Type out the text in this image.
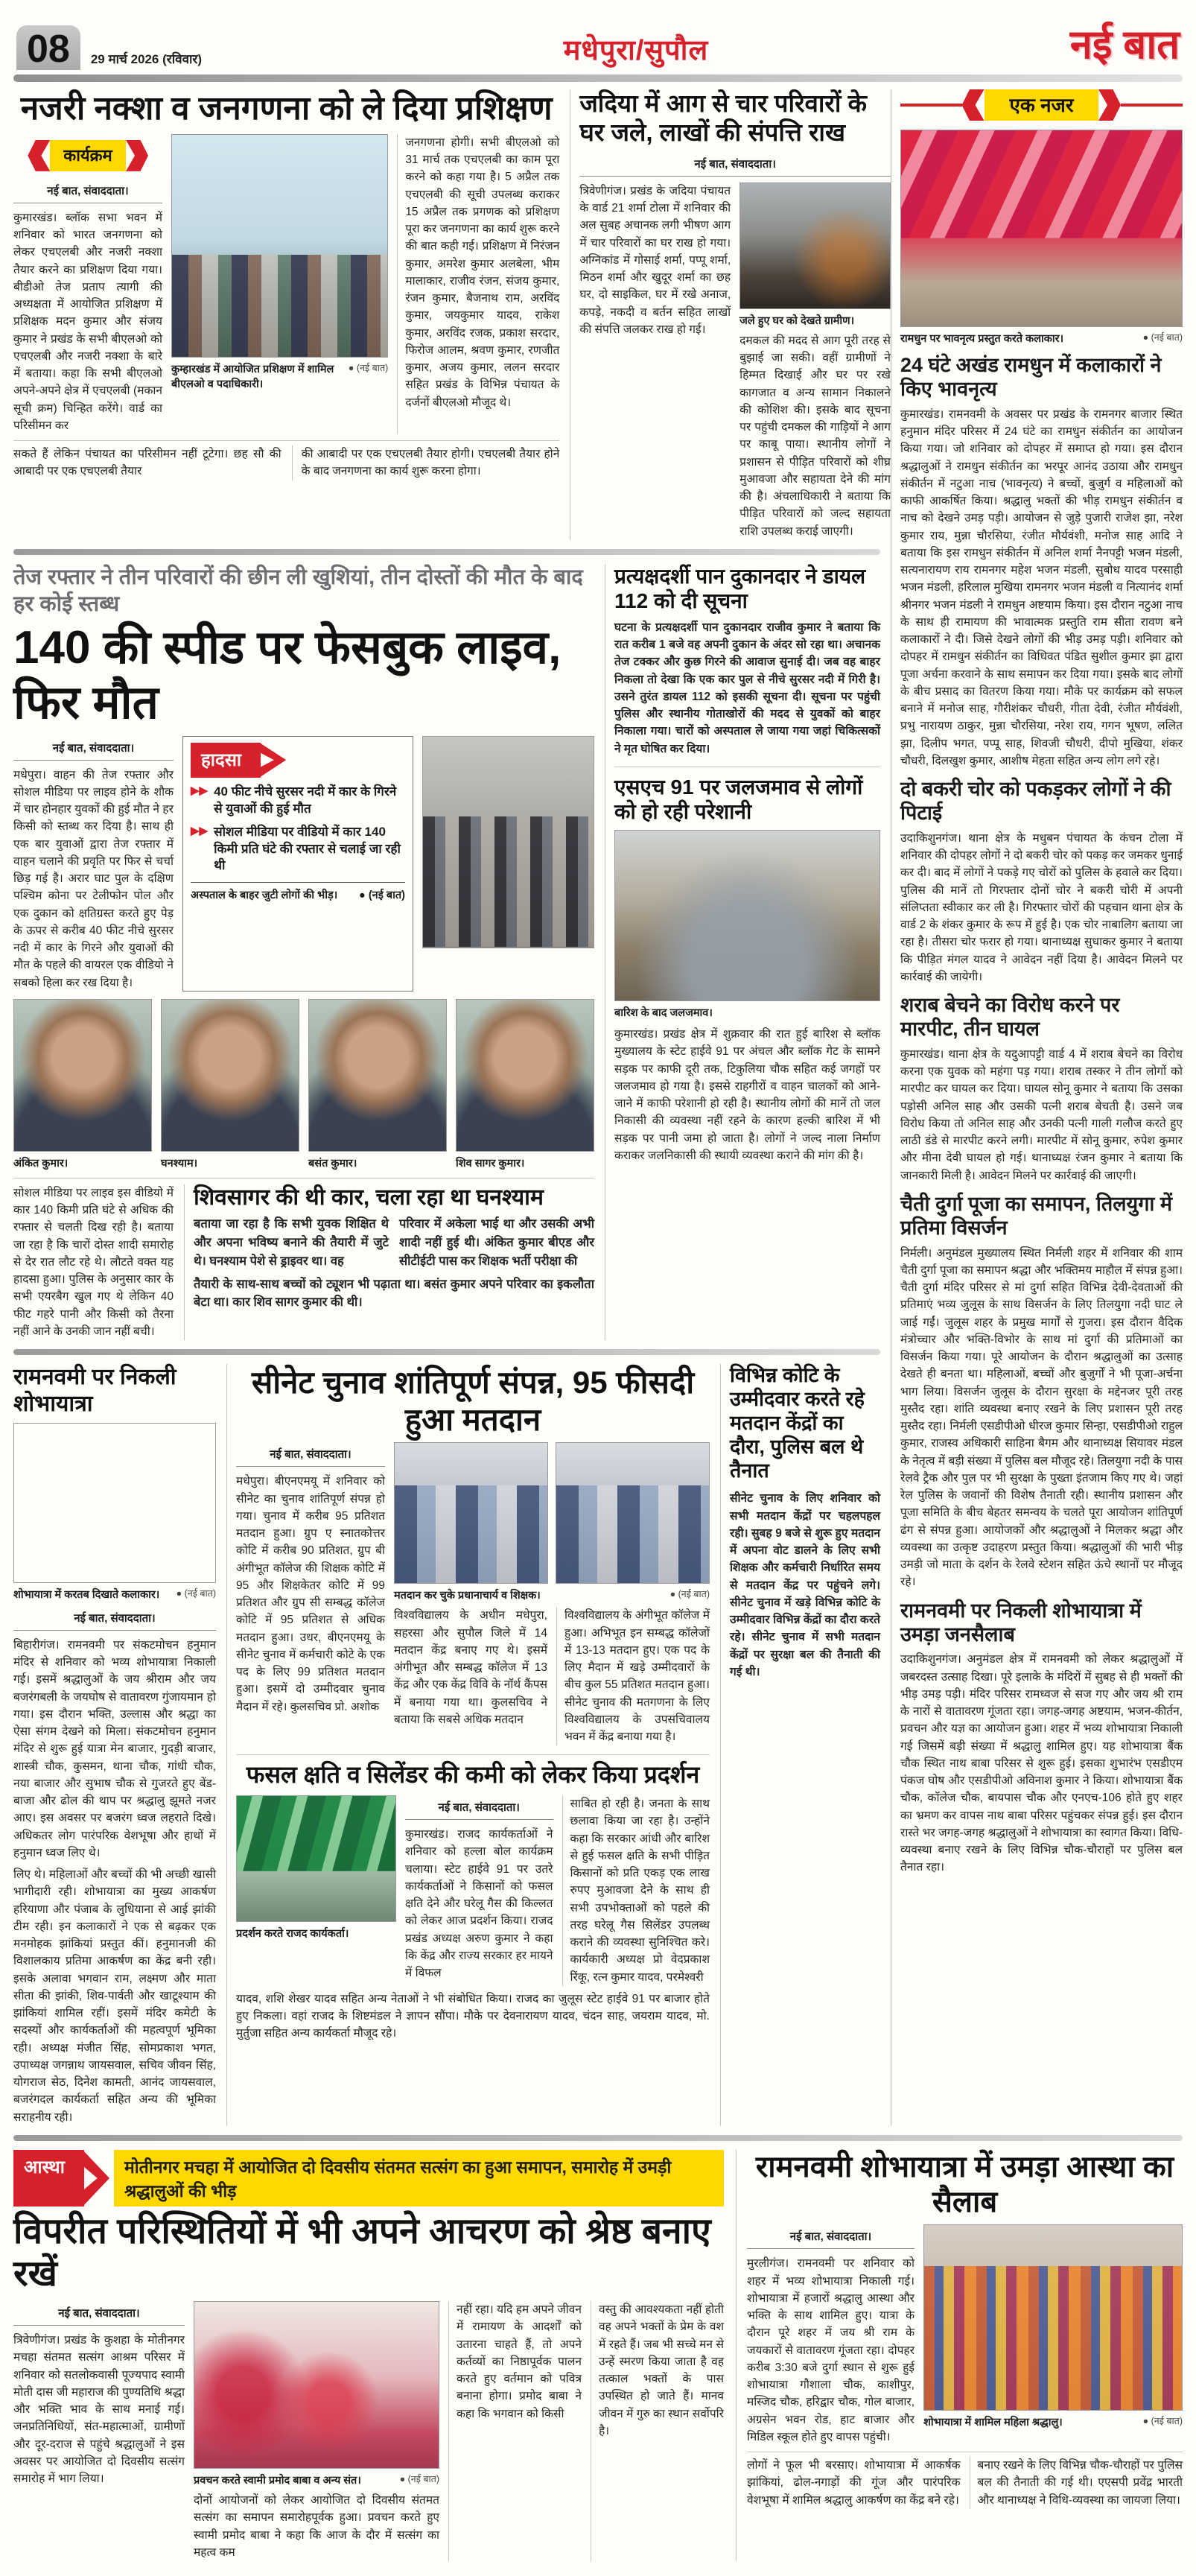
08	29 मार्च 2026 (रविवार)	मधेपुरा/सुपौल	नई बात
नजरी नक्शा व जनगणना को ले दिया प्रशिक्षण
कार्यक्रम
नई बात, संवाददाता।
कुमारखंड। ब्लॉक सभा भवन में शनिवार को भारत जनगणना को लेकर एचएलबी और नजरी नक्शा तैयार करने का प्रशिक्षण दिया गया। बीडीओ तेज प्रताप त्यागी की अध्यक्षता में आयोजित प्रशिक्षण में प्रशिक्षक मदन कुमार और संजय कुमार ने प्रखंड के सभी बीएलओ को एचएलबी और नजरी नक्शा के बारे में बताया। कहा कि सभी बीएलओ अपने-अपने क्षेत्र में एचएलबी (मकान सूची क्रम) चिन्हित करेंगे। वार्ड का परिसीमन कर
कुम्हारखंड में आयोजित प्रशिक्षण में शामिल बीएलओ व पदाधिकारी।
● (नई बात)
जनगणना होगी। सभी बीएलओ को 31 मार्च तक एचएलबी का काम पूरा करने को कहा गया है। 5 अप्रैल तक एचएलबी की सूची उपलब्ध कराकर 15 अप्रैल तक प्रगणक को प्रशिक्षण पूरा कर जनगणना का कार्य शुरू करने की बात कही गई। प्रशिक्षण में निरंजन कुमार, अमरेश कुमार अलबेला, भीम मालाकार, राजीव रंजन, संजय कुमार, रंजन कुमार, बैजनाथ राम, अरविंद कुमार, जयकुमार यादव, राकेश कुमार, अरविंद रजक, प्रकाश सरदार, फिरोज आलम, श्रवण कुमार, रणजीत कुमार, अजय कुमार, ललन सरदार सहित प्रखंड के विभिन्न पंचायत के दर्जनों बीएलओ मौजूद थे।
सकते हैं लेकिन पंचायत का परिसीमन नहीं टूटेगा। छह सौ की आबादी पर एक एचएलबी तैयार
की आबादी पर एक एचएलबी तैयार होगी। एचएलबी तैयार होने के बाद जनगणना का कार्य शुरू करना होगा।
जदिया में आग से चार परिवारों के घर जले, लाखों की संपत्ति राख
नई बात, संवाददाता।
त्रिवेणीगंज। प्रखंड के जदिया पंचायत के वार्ड 21 शर्मा टोला में शनिवार की अल सुबह अचानक लगी भीषण आग में चार परिवारों का घर राख हो गया। अग्निकांड में गोसाई शर्मा, पप्पू शर्मा, मिठन शर्मा और खुदूर शर्मा का छह घर, दो साइकिल, घर में रखे अनाज, कपड़े, नकदी व बर्तन सहित लाखों की संपत्ति जलकर राख हो गई।
जले हुए घर को देखते ग्रामीण।
दमकल की मदद से आग पूरी तरह से बुझाई जा सकी। वहीं ग्रामीणों ने हिम्मत दिखाई और घर पर रखे कागजात व अन्य सामान निकालने की कोशिश की। इसके बाद सूचना पर पहुंची दमकल की गाड़ियों ने आग पर काबू पाया। स्थानीय लोगों ने प्रशासन से पीड़ित परिवारों को शीघ्र मुआवजा और सहायता देने की मांग की है। अंचलाधिकारी ने बताया कि पीड़ित परिवारों को जल्द सहायता राशि उपलब्ध कराई जाएगी।
तेज रफ्तार ने तीन परिवारों की छीन ली खुशियां, तीन दोस्तों की मौत के बाद हर कोई स्तब्ध
140 की स्पीड पर फेसबुक लाइव, फिर मौत
नई बात, संवाददाता।
मधेपुरा। वाहन की तेज रफ्तार और सोशल मीडिया पर लाइव होने के शौक में चार होनहार युवकों की हुई मौत ने हर किसी को स्तब्ध कर दिया है। साथ ही एक बार युवाओं द्वारा तेज रफ्तार में वाहन चलाने की प्रवृति पर फिर से चर्चा छिड़ गई है। अरार घाट पुल के दक्षिण पश्चिम कोना पर टेलीफोन पोल और एक दुकान को क्षतिग्रस्त करते हुए पेड़ के ऊपर से करीब 40 फीट नीचे सुरसर नदी में कार के गिरने और युवाओं की मौत के पहले की वायरल एक वीडियो ने सबको हिला कर रख दिया है।
हादसा
▶▶ 40 फीट नीचे सुरसर नदी में कार के गिरने से युवाओं की हुई मौत
▶▶ सोशल मीडिया पर वीडियो में कार 140 किमी प्रति घंटे की रफ्तार से चलाई जा रही थी
अस्पताल के बाहर जुटी लोगों की भीड़। ● (नई बात)
अंकित कुमार।	घनश्याम।	बसंत कुमार।	शिव सागर कुमार।
सोशल मीडिया पर लाइव इस वीडियो में कार 140 किमी प्रति घंटे से अधिक की रफ्तार से चलती दिख रही है। बताया जा रहा है कि चारों दोस्त शादी समारोह से देर रात लौट रहे थे। लौटते वक्त यह हादसा हुआ। पुलिस के अनुसार कार के सभी एयरबैग खुल गए थे लेकिन 40 फीट गहरे पानी और किसी को तैरना नहीं आने के उनकी जान नहीं बची।
शिवसागर की थी कार, चला रहा था घनश्याम
बताया जा रहा है कि सभी युवक शिक्षित थे और अपना भविष्य बनाने की तैयारी में जुटे थे। घनश्याम पेशे से ड्राइवर था। वह
परिवार में अकेला भाई था और उसकी अभी शादी नहीं हुई थी। अंकित कुमार बीएड और सीटीईटी पास कर शिक्षक भर्ती परीक्षा की
तैयारी के साथ-साथ बच्चों को ट्यूशन भी पढ़ाता था। बसंत कुमार अपने परिवार का इकलौता बेटा था। कार शिव सागर कुमार की थी।
प्रत्यक्षदर्शी पान दुकानदार ने डायल 112 को दी सूचना
घटना के प्रत्यक्षदर्शी पान दुकानदार राजीव कुमार ने बताया कि रात करीब 1 बजे वह अपनी दुकान के अंदर सो रहा था। अचानक तेज टक्कर और कुछ गिरने की आवाज सुनाई दी। जब वह बाहर निकला तो देखा कि एक कार पुल से नीचे सुरसर नदी में गिरी है। उसने तुरंत डायल 112 को इसकी सूचना दी। सूचना पर पहुंची पुलिस और स्थानीय गोताखोरों की मदद से युवकों को बाहर निकाला गया। चारों को अस्पताल ले जाया गया जहां चिकित्सकों ने मृत घोषित कर दिया।
एसएच 91 पर जलजमाव से लोगों को हो रही परेशानी
बारिश के बाद जलजमाव।
कुमारखंड। प्रखंड क्षेत्र में शुक्रवार की रात हुई बारिश से ब्लॉक मुख्यालय के स्टेट हाईवे 91 पर अंचल और ब्लॉक गेट के सामने सड़क पर काफी दूरी तक, टिकुलिया चौक सहित कई जगहों पर जलजमाव हो गया है। इससे राहगीरों व वाहन चालकों को आने-जाने में काफी परेशानी हो रही है। स्थानीय लोगों की मानें तो जल निकासी की व्यवस्था नहीं रहने के कारण हल्की बारिश में भी सड़क पर पानी जमा हो जाता है। लोगों ने जल्द नाला निर्माण कराकर जलनिकासी की स्थायी व्यवस्था कराने की मांग की है।
रामनवमी पर निकली शोभायात्रा
शोभायात्रा में करतब दिखाते कलाकार। ● (नई बात)
नई बात, संवाददाता।
बिहारीगंज। रामनवमी पर संकटमोचन हनुमान मंदिर से शनिवार को भव्य शोभायात्रा निकाली गई। इसमें श्रद्धालुओं के जय श्रीराम और जय बजरंगबली के जयघोष से वातावरण गुंजायमान हो गया। इस दौरान भक्ति, उल्लास और श्रद्धा का ऐसा संगम देखने को मिला। संकटमोचन हनुमान मंदिर से शुरू हुई यात्रा मेन बाजार, गुदड़ी बाजार, शास्त्री चौक, कुसमन, थाना चौक, गांधी चौक, नया बाजार और सुभाष चौक से गुजरते हुए बेंड-बाजा और ढोल की थाप पर श्रद्धालु झूमते नजर आए। इस अवसर पर बजरंग ध्वज लहराते दिखे। अधिकतर लोग पारंपरिक वेशभूषा और हाथों में हनुमान ध्वज लिए थे।
लिए थे। महिलाओं और बच्चों की भी अच्छी खासी भागीदारी रही। शोभायात्रा का मुख्य आकर्षण हरियाणा और पंजाब के लुधियाना से आई झांकी टीम रही। इन कलाकारों ने एक से बढ़कर एक मनमोहक झांकियां प्रस्तुत कीं। हनुमानजी की विशालकाय प्रतिमा आकर्षण का केंद्र बनी रही। इसके अलावा भगवान राम, लक्ष्मण और माता सीता की झांकी, शिव-पार्वती और खाटूश्याम की झांकियां शामिल रहीं। इसमें मंदिर कमेटी के सदस्यों और कार्यकर्ताओं की महत्वपूर्ण भूमिका रही। अध्यक्ष मंजीत सिंह, सोमप्रकाश भगत, उपाध्यक्ष जगन्नाथ जायसवाल, सचिव जीवन सिंह, योगराज सेठ, दिनेश कामती, आनंद जायसवाल, बजरंगदल कार्यकर्ता सहित अन्य की भूमिका सराहनीय रही।
सीनेट चुनाव शांतिपूर्ण संपन्न, 95 फीसदी हुआ मतदान
नई बात, संवाददाता।
मधेपुरा। बीएनएमयू में शनिवार को सीनेट का चुनाव शांतिपूर्ण संपन्न हो गया। चुनाव में करीब 95 प्रतिशत मतदान हुआ। ग्रुप ए स्नातकोत्तर कोटि में करीब 90 प्रतिशत, ग्रुप बी अंगीभूत कॉलेज की शिक्षक कोटि में 95 और शिक्षकेतर कोटि में 99 प्रतिशत और ग्रुप सी सम्बद्ध कॉलेज कोटि में 95 प्रतिशत से अधिक मतदान हुआ। उधर, बीएनएमयू के सीनेट चुनाव में कर्मचारी कोटे के एक पद के लिए 99 प्रतिशत मतदान हुआ। इसमें दो उम्मीदवार चुनाव मैदान में रहे। कुलसचिव प्रो. अशोक
मतदान कर चुके प्रधानाचार्य व शिक्षक।	● (नई बात)
विश्वविद्यालय के अधीन मधेपुरा, सहरसा और सुपौल जिले में 14 मतदान केंद्र बनाए गए थे। इसमें अंगीभूत और सम्बद्ध कॉलेज में 13 केंद्र और एक केंद्र विवि के नॉर्थ कैंपस में बनाया गया था। कुलसचिव ने बताया कि सबसे अधिक मतदान
विश्वविद्यालय के अंगीभूत कॉलेज में हुआ। अभिभूत इन सम्बद्ध कॉलेजों में 13-13 मतदान हुए। एक पद के लिए मैदान में खड़े उम्मीदवारों के बीच कुल 55 प्रतिशत मतदान हुआ। सीनेट चुनाव की मतगणना के लिए विश्वविद्यालय के उपसचिवालय भवन में केंद्र बनाया गया है।
फसल क्षति व सिलेंडर की कमी को लेकर किया प्रदर्शन
प्रदर्शन करते राजद कार्यकर्ता।
नई बात, संवाददाता।
कुमारखंड। राजद कार्यकर्ताओं ने शनिवार को हल्ला बोल कार्यक्रम चलाया। स्टेट हाईवे 91 पर उतरे कार्यकर्ताओं ने किसानों को फसल क्षति देने और घरेलू गैस की किल्लत को लेकर आज प्रदर्शन किया। राजद प्रखंड अध्यक्ष अरुण कुमार ने कहा कि केंद्र और राज्य सरकार हर मायने में विफल
साबित हो रही है। जनता के साथ छलावा किया जा रहा है। उन्होंने कहा कि सरकार आंधी और बारिश से हुई फसल क्षति के सभी पीड़ित किसानों को प्रति एकड़ एक लाख रुपए मुआवजा देने के साथ ही सभी उपभोक्ताओं को पहले की तरह घरेलू गैस सिलेंडर उपलब्ध कराने की व्यवस्था सुनिश्चित करे। कार्यकारी अध्यक्ष प्रो वेदप्रकाश रिंकू, रत्न कुमार यादव, परमेश्वरी
यादव, शशि शेखर यादव सहित अन्य नेताओं ने भी संबोधित किया। राजद का जुलूस स्टेट हाईवे 91 पर बाजार होते हुए निकला। वहां राजद के शिष्टमंडल ने ज्ञापन सौंपा। मौके पर देवनारायण यादव, चंदन साह, जयराम यादव, मो. मुर्तुजा सहित अन्य कार्यकर्ता मौजूद रहे।
विभिन्न कोटि के उम्मीदवार करते रहे मतदान केंद्रों का दौरा, पुलिस बल थे तैनात
सीनेट चुनाव के लिए शनिवार को सभी मतदान केंद्रों पर चहलपहल रही। सुबह 9 बजे से शुरू हुए मतदान में अपना वोट डालने के लिए सभी शिक्षक और कर्मचारी निर्धारित समय से मतदान केंद्र पर पहुंचने लगे। सीनेट चुनाव में खड़े विभिन्न कोटि के उम्मीदवार विभिन्न केंद्रों का दौरा करते रहे। सीनेट चुनाव में सभी मतदान केंद्रों पर सुरक्षा बल की तैनाती की गई थी।
एक नजर
रामधुन पर भावनृत्य प्रस्तुत करते कलाकार।	● (नई बात)
24 घंटे अखंड रामधुन में कलाकारों ने किए भावनृत्य
कुमारखंड। रामनवमी के अवसर पर प्रखंड के रामनगर बाजार स्थित हनुमान मंदिर परिसर में 24 घंटे का रामधुन संकीर्तन का आयोजन किया गया। जो शनिवार को दोपहर में समाप्त हो गया। इस दौरान श्रद्धालुओं ने रामधुन संकीर्तन का भरपूर आनंद उठाया और रामधुन संकीर्तन में नटुआ नाच (भावनृत्य) ने बच्चों, बुजुर्ग व महिलाओं को काफी आकर्षित किया। श्रद्धालु भक्तों की भीड़ रामधुन संकीर्तन व नाच को देखने उमड़ पड़ी। आयोजन से जुड़े पुजारी राजेश झा, नरेश कुमार राय, मुन्ना चौरसिया, रंजीत मौर्यवंशी, मनोज साह आदि ने बताया कि इस रामधुन संकीर्तन में अनिल शर्मा नैनपट्टी भजन मंडली, सत्यनारायण राय रामनगर महेश भजन मंडली, सुबोध यादव परसाही भजन मंडली, हरिलाल मुखिया रामनगर भजन मंडली व नित्यानंद शर्मा श्रीनगर भजन मंडली ने रामधुन अष्टयाम किया। इस दौरान नटुआ नाच के साथ ही रामायण की भावात्मक प्रस्तुति राम सीता रावण बने कलाकारों ने दी। जिसे देखने लोगों की भीड़ उमड़ पड़ी। शनिवार को दोपहर में रामधुन संकीर्तन का विधिवत पंडित सुशील कुमार झा द्वारा पूजा अर्चना करवाने के साथ समापन कर दिया गया। इसके बाद लोगों के बीच प्रसाद का वितरण किया गया। मौके पर कार्यक्रम को सफल बनाने में मनोज साह, गौरीशंकर चौधरी, गीता देवी, रंजीत मौर्यवंशी, प्रभु नारायण ठाकुर, मुन्ना चौरसिया, नरेश राय, गगन भूषण, ललित झा, दिलीप भगत, पप्पू साह, शिवजी चौधरी, दीपो मुखिया, शंकर चौधरी, दिलखुश कुमार, आशीष मेहता सहित अन्य लोग लगे रहे।
दो बकरी चोर को पकड़कर लोगों ने की पिटाई
उदाकिशुनगंज। थाना क्षेत्र के मधुबन पंचायत के कंचन टोला में शनिवार की दोपहर लोगों ने दो बकरी चोर को पकड़ कर जमकर धुनाई कर दी। बाद में लोगों ने पकड़े गए चोरों को पुलिस के हवाले कर दिया। पुलिस की मानें तो गिरफ्तार दोनों चोर ने बकरी चोरी में अपनी संलिप्तता स्वीकार कर ली है। गिरफ्तार चोरों की पहचान थाना क्षेत्र के वार्ड 2 के शंकर कुमार के रूप में हुई है। एक चोर नाबालिग बताया जा रहा है। तीसरा चोर फरार हो गया। थानाध्यक्ष सुधाकर कुमार ने बताया कि पीड़ित मंगल यादव ने आवेदन नहीं दिया है। आवेदन मिलने पर कार्रवाई की जायेगी।
शराब बेचने का विरोध करने पर मारपीट, तीन घायल
कुमारखंड। थाना क्षेत्र के यदुआपट्टी वार्ड 4 में शराब बेचने का विरोध करना एक युवक को महंगा पड़ गया। शराब तस्कर ने तीन लोगों को मारपीट कर घायल कर दिया। घायल सोनू कुमार ने बताया कि उसका पड़ोसी अनिल साह और उसकी पत्नी शराब बेचती है। उसने जब विरोध किया तो अनिल साह और उनकी पत्नी गाली गलौज करते हुए लाठी डंडे से मारपीट करने लगी। मारपीट में सोनू कुमार, रुपेश कुमार और मीना देवी घायल हो गई। थानाध्यक्ष रंजन कुमार ने बताया कि जानकारी मिली है। आवेदन मिलने पर कार्रवाई की जाएगी।
चैती दुर्गा पूजा का समापन, तिलयुगा में प्रतिमा विसर्जन
निर्मली। अनुमंडल मुख्यालय स्थित निर्मली शहर में शनिवार की शाम चैती दुर्गा पूजा का समापन श्रद्धा और भक्तिमय माहौल में संपन्न हुआ। चैती दुर्गा मंदिर परिसर से मां दुर्गा सहित विभिन्न देवी-देवताओं की प्रतिमाएं भव्य जुलूस के साथ विसर्जन के लिए तिलयुगा नदी घाट ले जाई गईं। जुलूस शहर के प्रमुख मार्गों से गुजरा। इस दौरान वैदिक मंत्रोच्चार और भक्ति-विभोर के साथ मां दुर्गा की प्रतिमाओं का विसर्जन किया गया। पूरे आयोजन के दौरान श्रद्धालुओं का उत्साह देखते ही बनता था। महिलाओं, बच्चों और बुजुर्गों ने भी पूजा-अर्चना भाग लिया। विसर्जन जुलूस के दौरान सुरक्षा के मद्देनजर पूरी तरह मुस्तैद रहा। शांति व्यवस्था बनाए रखने के लिए प्रशासन पूरी तरह मुस्तैद रहा। निर्मली एसडीपीओ धीरज कुमार सिन्हा, एसडीपीओ राहुल कुमार, राजस्व अधिकारी साहिना बैगम और थानाध्यक्ष सियावर मंडल के नेतृत्व में बड़ी संख्या में पुलिस बल मौजूद रहे। तिलयुगा नदी के पास रेलवे ट्रैक और पुल पर भी सुरक्षा के पुख्ता इंतजाम किए गए थे। जहां रेल पुलिस के जवानों की विशेष तैनाती रही। स्थानीय प्रशासन और पूजा समिति के बीच बेहतर समन्वय के चलते पूरा आयोजन शांतिपूर्ण ढंग से संपन्न हुआ। आयोजकों और श्रद्धालुओं ने मिलकर श्रद्धा और व्यवस्था का उत्कृष्ट उदाहरण प्रस्तुत किया। श्रद्धालुओं की भारी भीड़ उमड़ी जो माता के दर्शन के रेलवे स्टेशन सहित ऊंचे स्थानों पर मौजूद रहे।
रामनवमी पर निकली शोभायात्रा में उमड़ा जनसैलाब
उदाकिशुनगंज। अनुमंडल क्षेत्र में रामनवमी को लेकर श्रद्धालुओं में जबरदस्त उत्साह दिखा। पूरे इलाके के मंदिरों में सुबह से ही भक्तों की भीड़ उमड़ पड़ी। मंदिर परिसर रामध्वज से सज गए और जय श्री राम के नारों से वातावरण गूंजता रहा। जगह-जगह अष्टयाम, भजन-कीर्तन, प्रवचन और यज्ञ का आयोजन हुआ। शहर में भव्य शोभायात्रा निकाली गई जिसमें बड़ी संख्या में श्रद्धालु शामिल हुए। यह शोभायात्रा बैंक चौक स्थित नाथ बाबा परिसर से शुरू हुई। इसका शुभारंभ एसडीएम पंकज घोष और एसडीपीओ अविनाश कुमार ने किया। शोभायात्रा बैंक चौक, कॉलेज चौक, बायपास चौक और एनएच-106 होते हुए शहर का भ्रमण कर वापस नाथ बाबा परिसर पहुंचकर संपन्न हुई। इस दौरान रास्ते भर जगह-जगह श्रद्धालुओं ने शोभायात्रा का स्वागत किया। विधि-व्यवस्था बनाए रखने के लिए विभिन्न चौक-चौराहों पर पुलिस बल तैनात रहा।
आस्था	मोतीनगर मचहा में आयोजित दो दिवसीय संतमत सत्संग का हुआ समापन, समारोह में उमड़ी श्रद्धालुओं की भीड़
विपरीत परिस्थितियों में भी अपने आचरण को श्रेष्ठ बनाए रखें
नई बात, संवाददाता।
त्रिवेणीगंज। प्रखंड के कुशहा के मोतीनगर मचहा संतमत सत्संग आश्रम परिसर में शनिवार को सतलोकवासी पूज्यपाद स्वामी मोती दास जी महाराज की पुण्यतिथि श्रद्धा और भक्ति भाव के साथ मनाई गई। जनप्रतिनिधियों, संत-महात्माओं, ग्रामीणों और दूर-दराज से पहुंचे श्रद्धालुओं ने इस अवसर पर आयोजित दो दिवसीय सत्संग समारोह में भाग लिया।	प्रवचन करते स्वामी प्रमोद बाबा व अन्य संत।	● (नई बात)
दोनों आयोजनों को लेकर आयोजित दो दिवसीय संतमत सत्संग का समापन समारोहपूर्वक हुआ। प्रवचन करते हुए स्वामी प्रमोद बाबा ने कहा कि आज के दौर में सत्संग का महत्व कम
नहीं रहा। यदि हम अपने जीवन में रामायण के आदर्शों को उतारना चाहते हैं, तो अपने कर्तव्यों का निष्ठापूर्वक पालन करते हुए वर्तमान को पवित्र बनाना होगा। प्रमोद बाबा ने कहा कि भगवान को किसी
वस्तु की आवश्यकता नहीं होती वह अपने भक्तों के प्रेम के वश में रहते हैं। जब भी सच्चे मन से उन्हें स्मरण किया जाता है वह तत्काल भक्तों के पास उपस्थित हो जाते हैं। मानव जीवन में गुरु का स्थान सर्वोपरि है।
रामनवमी शोभायात्रा में उमड़ा आस्था का सैलाब
नई बात, संवाददाता।
मुरलीगंज। रामनवमी पर शनिवार को शहर में भव्य शोभायात्रा निकाली गई। शोभायात्रा में हजारों श्रद्धालु आस्था और भक्ति के साथ शामिल हुए। यात्रा के दौरान पूरे शहर में जय श्री राम के जयकारों से वातावरण गूंजता रहा। दोपहर करीब 3:30 बजे दुर्गा स्थान से शुरू हुई शोभायात्रा गौशाला चौक, काशीपुर, मस्जिद चौक, हरिद्वार चौक, गोल बाजार, अग्रसेन भवन रोड, हाट बाजार और मिडिल स्कूल होते हुए वापस पहुंची।
शोभायात्रा में शामिल महिला श्रद्धालु।	● (नई बात)
लोगों ने फूल भी बरसाए। शोभायात्रा में आकर्षक झांकियां, ढोल-नगाड़ों की गूंज और पारंपरिक वेशभूषा में शामिल श्रद्धालु आकर्षण का केंद्र बने रहे।
बनाए रखने के लिए विभिन्न चौक-चौराहों पर पुलिस बल की तैनाती की गई थी। एएसपी प्रवेंद्र भारती और थानाध्यक्ष ने विधि-व्यवस्था का जायजा लिया।
